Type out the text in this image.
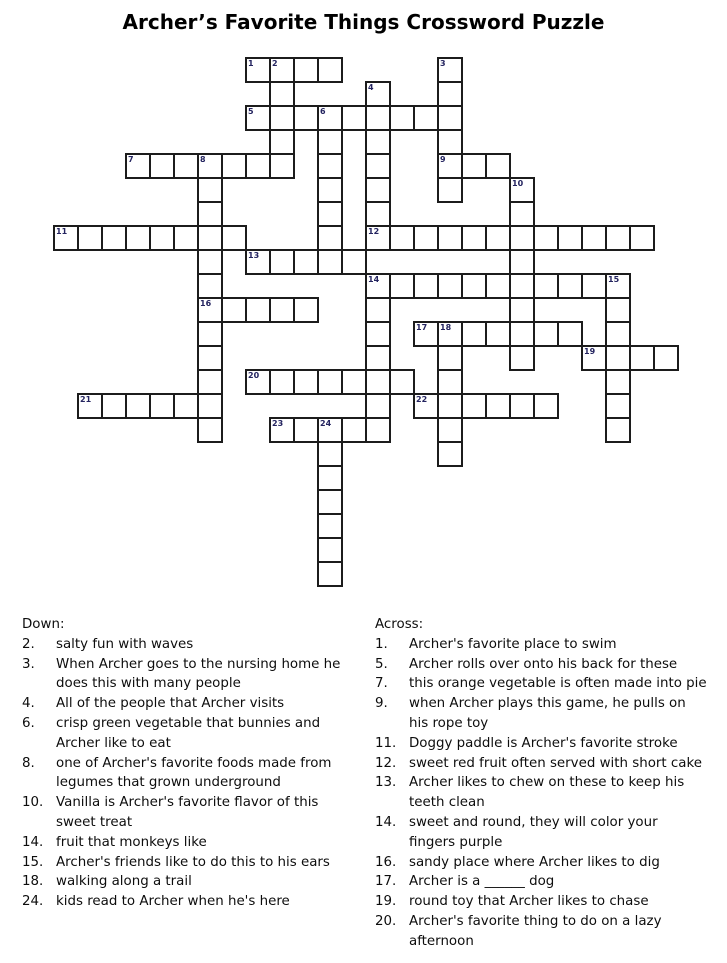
Archer’s Favorite Things Crossword Puzzle
1 2	3
4
5	6
7	8	9
10
11	12
13
14	15
16
17 18
19
20
21	22
23	24
Down:
2.	salty fun with waves
3.	When Archer goes to the nursing home he
does this with many people
4.	All of the people that Archer visits
6.	crisp green vegetable that bunnies and
Archer like to eat
8.	one of Archer's favorite foods made from
legumes that grown underground
10. Vanilla is Archer's favorite flavor of this
sweet treat
14. fruit that monkeys like
15. Archer's friends like to do this to his ears
18. walking along a trail
24. kids read to Archer when he's here
Across:
1.	Archer's favorite place to swim
5.	Archer rolls over onto his back for these
7.	this orange vegetable is often made into pie
9.	when Archer plays this game, he pulls on
his rope toy
11. Doggy paddle is Archer's favorite stroke
12. sweet red fruit often served with short cake
13. Archer likes to chew on these to keep his
teeth clean
14. sweet and round, they will color your
fingers purple
16. sandy place where Archer likes to dig
17. Archer is a ______ dog
19. round toy that Archer likes to chase
20. Archer's favorite thing to do on a lazy
afternoon
